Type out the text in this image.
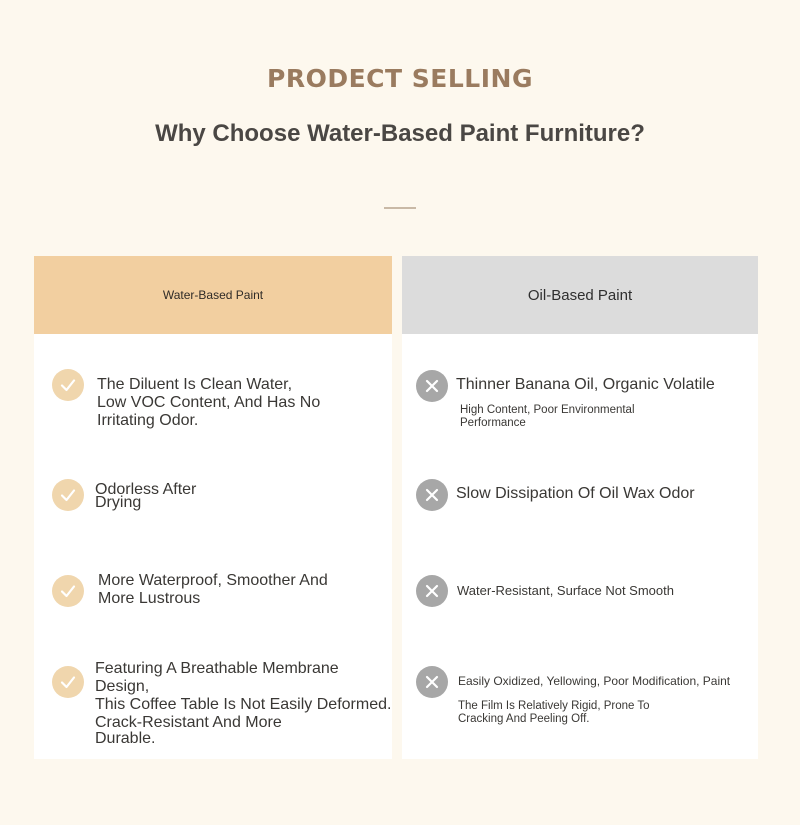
PRODECT SELLING
Why Choose Water-Based Paint Furniture?
Water-Based Paint
The Diluent Is Clean Water,
Low VOC Content, And Has No
Irritating Odor.
Odorless After
Drying
More Waterproof, Smoother And
More Lustrous
Featuring A Breathable Membrane Design,
This Coffee Table Is Not Easily Deformed.
Crack-Resistant And More
Durable.
Oil-Based Paint
Thinner Banana Oil, Organic Volatile
High Content, Poor Environmental
Performance
Slow Dissipation Of Oil Wax Odor
Water-Resistant, Surface Not Smooth
Easily Oxidized, Yellowing, Poor Modification, Paint
The Film Is Relatively Rigid, Prone To
Cracking And Peeling Off.
